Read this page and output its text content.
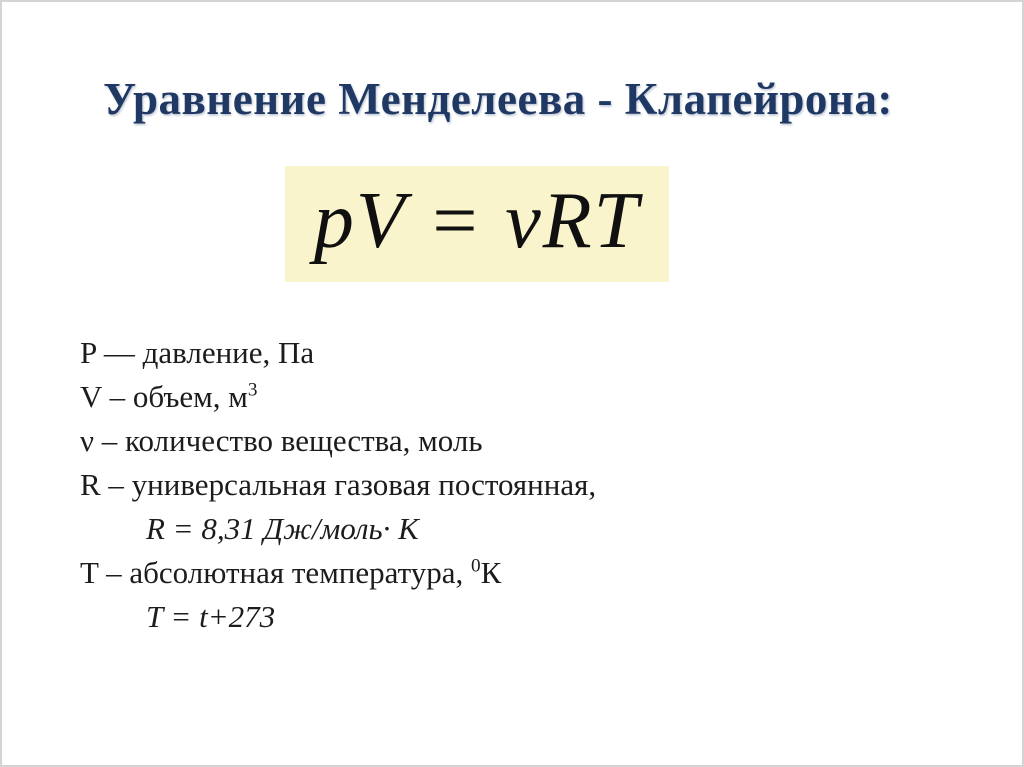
Уравнение Менделеева - Клапейрона:
pV = νRT
P — давление, Па
V – объем, $м^3$
ν – количество вещества, моль
R – универсальная газовая постоянная,
R = 8,31 Дж/моль· К
T – абсолютная температура, $^0$К
T = t+273
